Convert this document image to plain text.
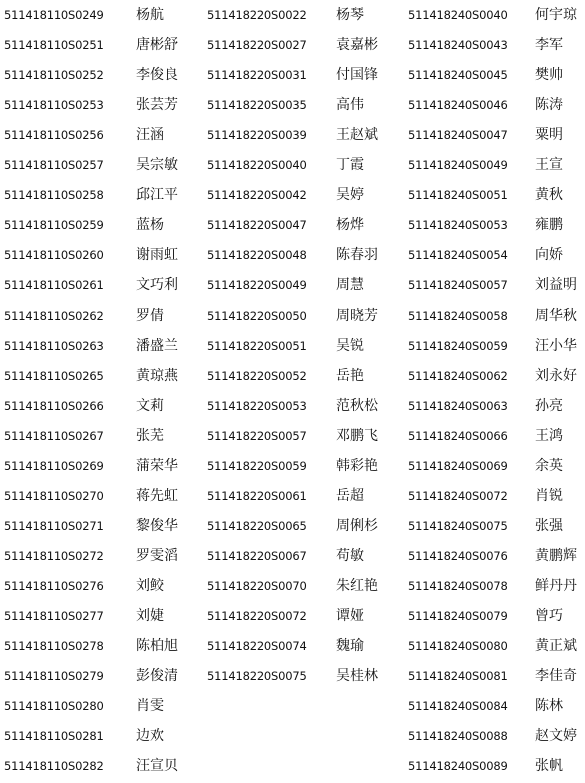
511418110S0249 杨航	511418220S0022 杨琴	511418240S0040 何宇琼
511418110S0251 唐彬舒	511418220S0027 袁嘉彬	511418240S0043 李军
511418110S0252 李俊良	511418220S0031 付国锋	511418240S0045 樊帅
511418110S0253 张芸芳	511418220S0035 高伟	511418240S0046 陈涛
511418110S0256 汪涵	511418220S0039 王赵斌	511418240S0047 粟明
511418110S0257 吴宗敏	511418220S0040 丁霞	511418240S0049 王宣
511418110S0258 邱江平	511418220S0042 吴婷	511418240S0051 黄秋
511418110S0259 蓝杨	511418220S0047 杨烨	511418240S0053 雍鹏
511418110S0260 谢雨虹	511418220S0048 陈春羽	511418240S0054 向娇
511418110S0261 文巧利	511418220S0049 周慧	511418240S0057 刘益明
511418110S0262 罗倩	511418220S0050 周晓芳	511418240S0058 周华秋
511418110S0263 潘盛兰	511418220S0051 吴锐	511418240S0059 汪小华
511418110S0265 黄琼燕	511418220S0052 岳艳	511418240S0062 刘永好
511418110S0266 文莉	511418220S0053 范秋松	511418240S0063 孙亮
511418110S0267 张芜	511418220S0057 邓鹏飞	511418240S0066 王鸿
511418110S0269 蒲荣华	511418220S0059 韩彩艳	511418240S0069 余英
511418110S0270 蒋先虹	511418220S0061 岳超	511418240S0072 肖锐
511418110S0271 黎俊华	511418220S0065 周俐杉	511418240S0075 张强
511418110S0272 罗雯滔	511418220S0067 苟敏	511418240S0076 黄鹏辉
511418110S0276 刘鲛	511418220S0070 朱红艳	511418240S0078 鲜丹丹
511418110S0277 刘婕	511418220S0072 谭娅	511418240S0079 曾巧
511418110S0278 陈柏旭	511418220S0074 魏瑜	511418240S0080 黄正斌
511418110S0279 彭俊清	511418220S0075 吴桂林	511418240S0081 李佳奇
511418110S0280 肖雯	511418240S0084 陈林
511418110S0281 边欢	511418240S0088 赵文婷
511418110S0282 汪宣贝	511418240S0089 张帆
